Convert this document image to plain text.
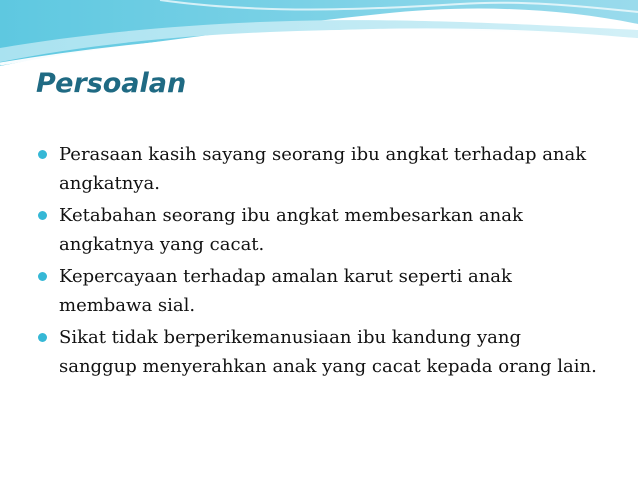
Persoalan
Perasaan kasih sayang seorang ibu angkat terhadap anak angkatnya.
Ketabahan seorang ibu angkat membesarkan anak angkatnya yang cacat.
Kepercayaan terhadap amalan karut seperti anak membawa sial.
Sikat tidak berperikemanusiaan ibu kandung yang sanggup menyerahkan anak yang cacat kepada orang lain.
